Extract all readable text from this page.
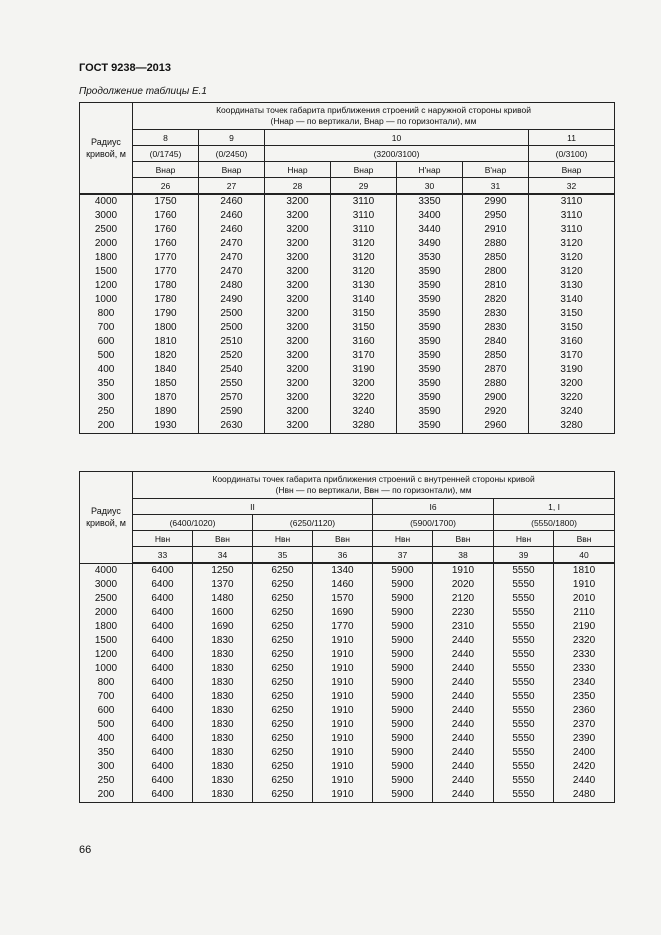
ГОСТ 9238—2013
Продолжение таблицы Е.1
Радиус кривой, м	Координаты точек габарита приближения строений с наружной стороны кривой
(Hнар — по вертикали, Внар — по горизонтали), мм						
	8	9	10				11
	(0/1745)	(0/2450)	(3200/3100)				(0/3100)
	Внар	Внар	Hнар	Внар	H'нар	B'нар	Внар
	26	27	28	29	30	31	32
4000	1750	2460	3200	3110	3350	2990	3110
3000	1760	2460	3200	3110	3400	2950	3110
2500	1760	2460	3200	3110	3440	2910	3110
2000	1760	2470	3200	3120	3490	2880	3120
1800	1770	2470	3200	3120	3530	2850	3120
1500	1770	2470	3200	3120	3590	2800	3120
1200	1780	2480	3200	3130	3590	2810	3130
1000	1780	2490	3200	3140	3590	2820	3140
800	1790	2500	3200	3150	3590	2830	3150
700	1800	2500	3200	3150	3590	2830	3150
600	1810	2510	3200	3160	3590	2840	3160
500	1820	2520	3200	3170	3590	2850	3170
400	1840	2540	3200	3190	3590	2870	3190
350	1850	2550	3200	3200	3590	2880	3200
300	1870	2570	3200	3220	3590	2900	3220
250	1890	2590	3200	3240	3590	2920	3240
200	1930	2630	3200	3280	3590	2960	3280
Радиус кривой, м	Координаты точек габарита приближения строений с внутренней стороны кривой
(Hвн — по вертикали, Ввн — по горизонтали), мм							
	II				I6		1, I	
	(6400/1020)		(6250/1120)		(5900/1700)		(5550/1800)	
	Hвн	Ввн	Hвн	Ввн	Hвн	Ввн	Hвн	Ввн
	33	34	35	36	37	38	39	40
4000	6400	1250	6250	1340	5900	1910	5550	1810
3000	6400	1370	6250	1460	5900	2020	5550	1910
2500	6400	1480	6250	1570	5900	2120	5550	2010
2000	6400	1600	6250	1690	5900	2230	5550	2110
1800	6400	1690	6250	1770	5900	2310	5550	2190
1500	6400	1830	6250	1910	5900	2440	5550	2320
1200	6400	1830	6250	1910	5900	2440	5550	2330
1000	6400	1830	6250	1910	5900	2440	5550	2330
800	6400	1830	6250	1910	5900	2440	5550	2340
700	6400	1830	6250	1910	5900	2440	5550	2350
600	6400	1830	6250	1910	5900	2440	5550	2360
500	6400	1830	6250	1910	5900	2440	5550	2370
400	6400	1830	6250	1910	5900	2440	5550	2390
350	6400	1830	6250	1910	5900	2440	5550	2400
300	6400	1830	6250	1910	5900	2440	5550	2420
250	6400	1830	6250	1910	5900	2440	5550	2440
200	6400	1830	6250	1910	5900	2440	5550	2480
66
